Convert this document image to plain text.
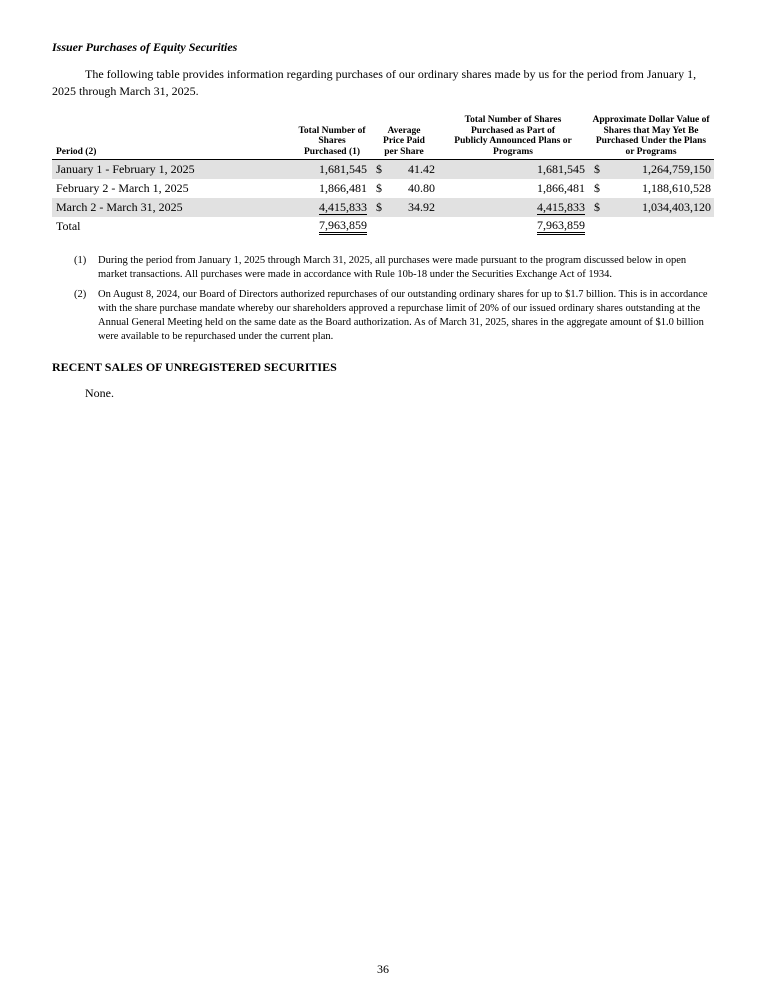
Issuer Purchases of Equity Securities
The following table provides information regarding purchases of our ordinary shares made by us for the period from January 1, 2025 through March 31, 2025.
Period (2)	Total Number of Shares Purchased (1)	Average Price Paid per Share		Total Number of Shares Purchased as Part of Publicly Announced Plans or Programs	Approximate Dollar Value of Shares that May Yet Be Purchased Under the Plans or Programs	

January 1 - February 1, 2025	1,681,545	$	41.42	1,681,545	$	1,264,759,150
February 2 - March 1, 2025	1,866,481	$	40.80	1,866,481	$	1,188,610,528
March 2 - March 31, 2025	4,415,833	$	34.92	4,415,833	$	1,034,403,120
Total	7,963,859			7,963,859		
(1) During the period from January 1, 2025 through March 31, 2025, all purchases were made pursuant to the program discussed below in open market transactions. All purchases were made in accordance with Rule 10b-18 under the Securities Exchange Act of 1934.
(2) On August 8, 2024, our Board of Directors authorized repurchases of our outstanding ordinary shares for up to $1.7 billion. This is in accordance with the share purchase mandate whereby our shareholders approved a repurchase limit of 20% of our issued ordinary shares outstanding at the Annual General Meeting held on the same date as the Board authorization. As of March 31, 2025, shares in the aggregate amount of $1.0 billion were available to be repurchased under the current plan.
RECENT SALES OF UNREGISTERED SECURITIES
None.
36
